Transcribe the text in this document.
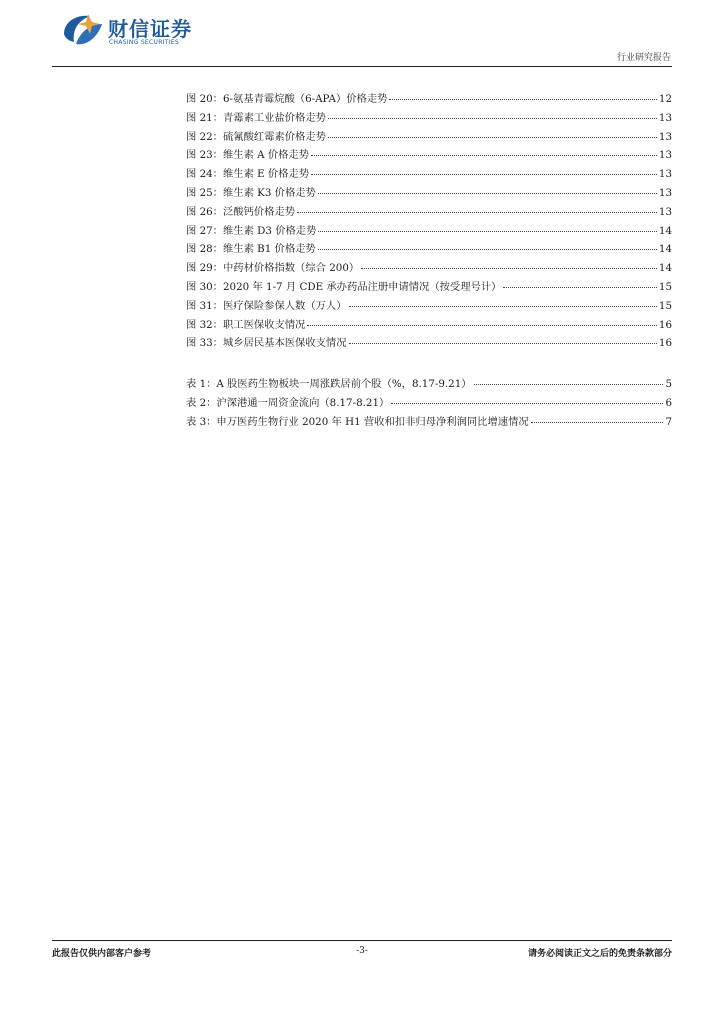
财信证券
CHASING SECURITIES
行业研究报告
图 20：6-氨基青霉烷酸（6-APA）价格走势	12
图 21：青霉素工业盐价格走势	13
图 22：硫氰酸红霉素价格走势	13
图 23：维生素 A 价格走势	13
图 24：维生素 E 价格走势	13
图 25：维生素 K3 价格走势	13
图 26：泛酸钙价格走势	13
图 27：维生素 D3 价格走势	14
图 28：维生素 B1 价格走势	14
图 29：中药材价格指数（综合 200）	14
图 30：2020 年 1-7 月 CDE 承办药品注册申请情况（按受理号计）	15
图 31：医疗保险参保人数（万人）	15
图 32：职工医保收支情况	16
图 33：城乡居民基本医保收支情况	16
表 1：A 股医药生物板块一周涨跌居前个股（%，8.17-9.21）	5
表 2：沪深港通一周资金流向（8.17-8.21）	6
表 3：申万医药生物行业 2020 年 H1 营收和扣非归母净利润同比增速情况	7
此报告仅供内部客户参考	-3-	请务必阅读正文之后的免责条款部分
